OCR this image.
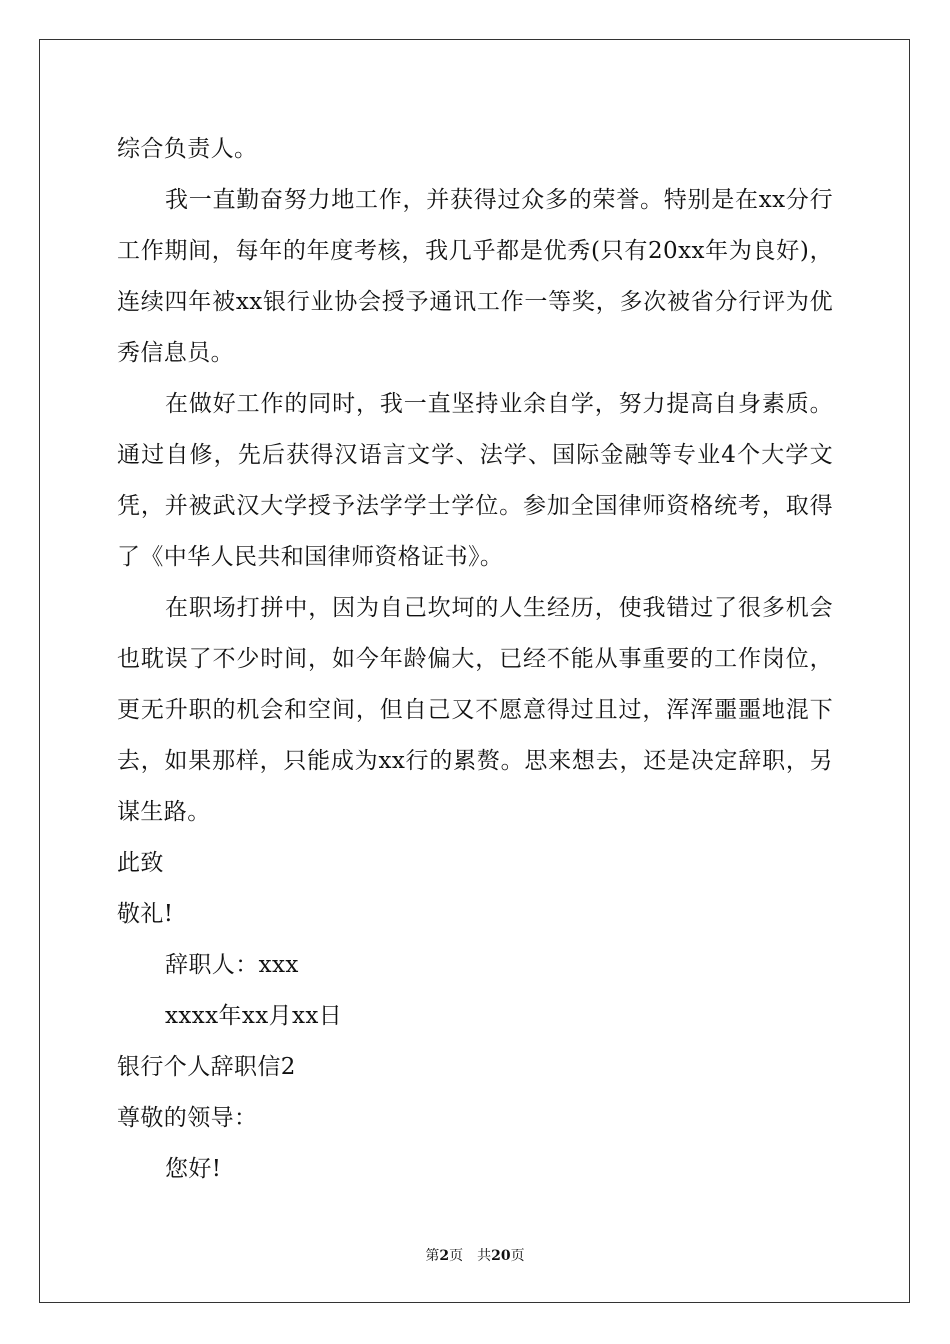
综合负责人。

我一直勤奋努力地工作，并获得过众多的荣誉。特别是在xx分行工作期间，每年的年度考核，我几乎都是优秀(只有20xx年为良好)，连续四年被xx银行业协会授予通讯工作一等奖，多次被省分行评为优秀信息员。

在做好工作的同时，我一直坚持业余自学，努力提高自身素质。通过自修，先后获得汉语言文学、法学、国际金融等专业4个大学文凭，并被武汉大学授予法学学士学位。参加全国律师资格统考，取得了《中华人民共和国律师资格证书》。

在职场打拼中，因为自己坎坷的人生经历，使我错过了很多机会也耽误了不少时间，如今年龄偏大，已经不能从事重要的工作岗位，更无升职的机会和空间，但自己又不愿意得过且过，浑浑噩噩地混下去，如果那样，只能成为xx行的累赘。思来想去，还是决定辞职，另谋生路。

此致

敬礼!

辞职人：xxx

xxxx年xx月xx日

银行个人辞职信2

尊敬的领导：

您好!

第2页 共20页
